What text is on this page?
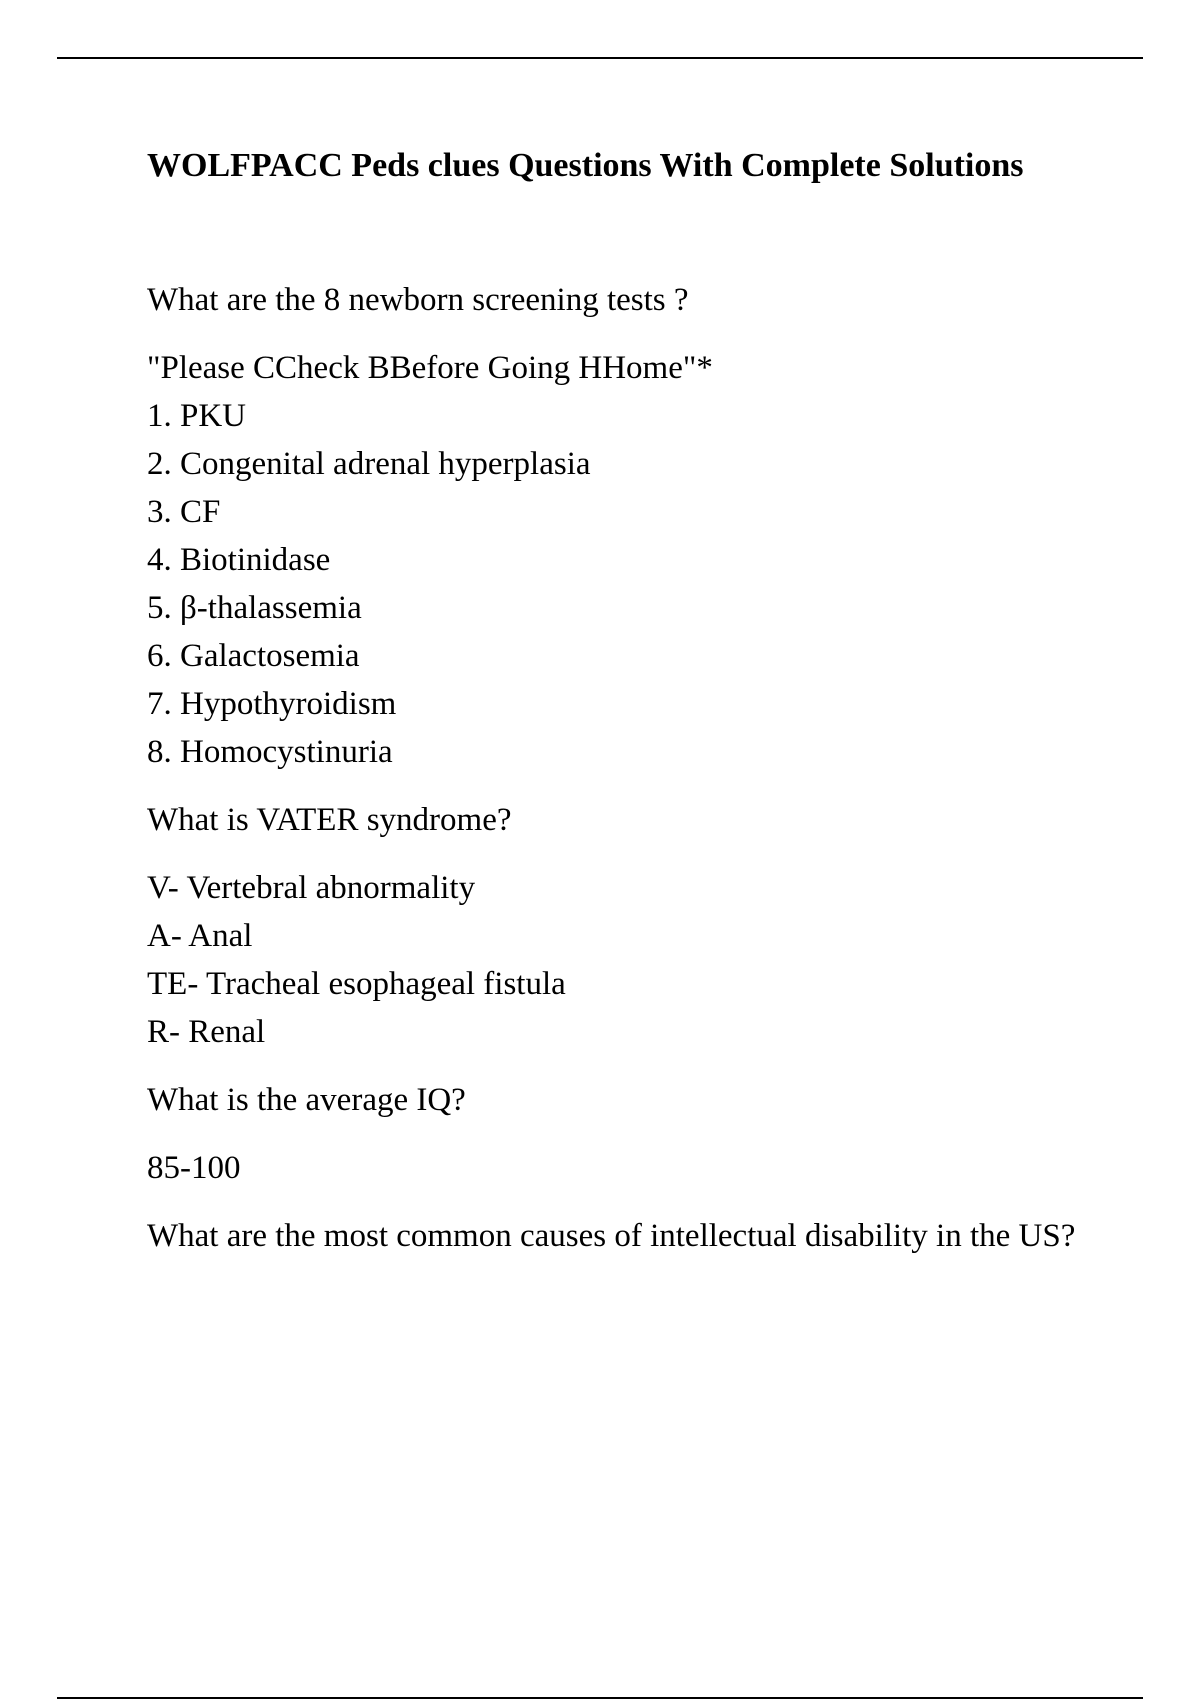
WOLFPACC Peds clues Questions With Complete Solutions

What are the 8 newborn screening tests ?

"Please CCheck BBefore Going HHome"*
1. PKU
2. Congenital adrenal hyperplasia
3. CF
4. Biotinidase
5. β-thalassemia
6. Galactosemia
7. Hypothyroidism
8. Homocystinuria

What is VATER syndrome?

V- Vertebral abnormality
A- Anal
TE- Tracheal esophageal fistula
R- Renal

What is the average IQ?

85-100

What are the most common causes of intellectual disability in the US?
